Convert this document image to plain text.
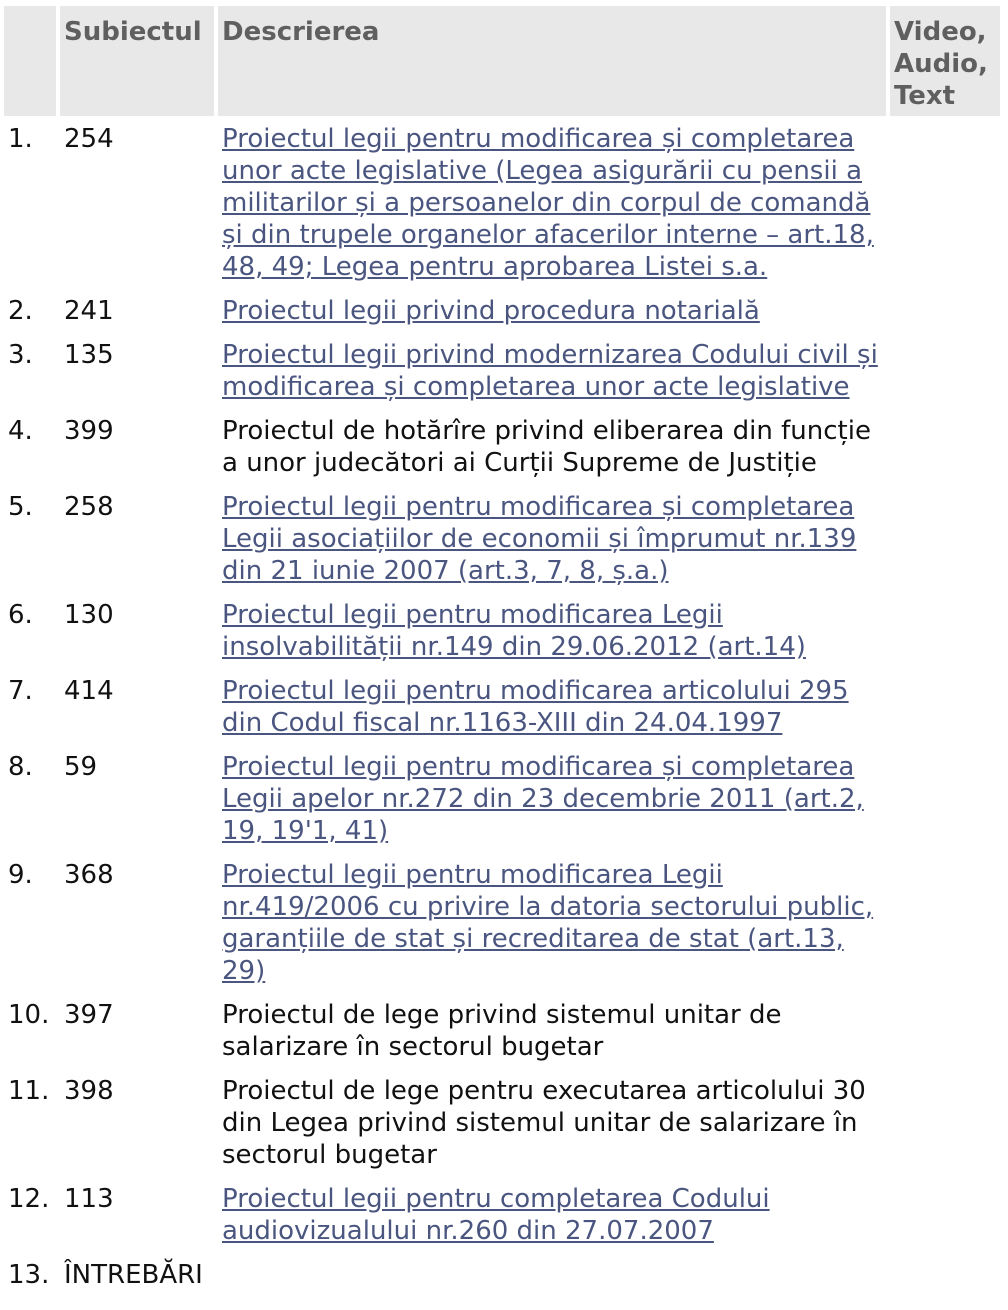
	Subiectul	Descrierea	Video, Audio, Text
1.	254	Proiectul legii pentru modificarea și completarea unor acte legislative (Legea asigurării cu pensii a militarilor și a persoanelor din corpul de comandă și din trupele organelor afacerilor interne – art.18, 48, 49; Legea pentru aprobarea Listei s.a.	
2.	241	Proiectul legii privind procedura notarială	
3.	135	Proiectul legii privind modernizarea Codului civil și modificarea și completarea unor acte legislative	
4.	399	Proiectul de hotărîre privind eliberarea din funcție a unor judecători ai Curții Supreme de Justiție	
5.	258	Proiectul legii pentru modificarea și completarea Legii asociațiilor de economii și împrumut nr.139 din 21 iunie 2007 (art.3, 7, 8, ș.a.)	
6.	130	Proiectul legii pentru modificarea Legii insolvabilității nr.149 din 29.06.2012 (art.14)	
7.	414	Proiectul legii pentru modificarea articolului 295 din Codul fiscal nr.1163-XIII din 24.04.1997	
8.	59	Proiectul legii pentru modificarea și completarea Legii apelor nr.272 din 23 decembrie 2011 (art.2, 19, 19'1, 41)	
9.	368	Proiectul legii pentru modificarea Legii nr.419/2006 cu privire la datoria sectorului public, garanțiile de stat și recreditarea de stat (art.13, 29)	
10.	397	Proiectul de lege privind sistemul unitar de salarizare în sectorul bugetar	
11.	398	Proiectul de lege pentru executarea articolului 30 din Legea privind sistemul unitar de salarizare în sectorul bugetar	
12.	113	Proiectul legii pentru completarea Codului audiovizualului nr.260 din 27.07.2007	
13.	ÎNTREBĂRI		
